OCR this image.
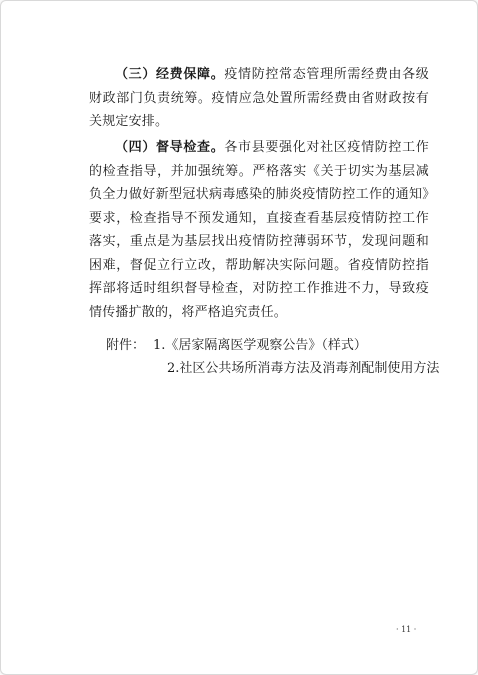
（三）经费保障。疫情防控常态管理所需经费由各级财政部门负责统筹。疫情应急处置所需经费由省财政按有关规定安排。

（四）督导检查。各市县要强化对社区疫情防控工作的检查指导，并加强统筹。严格落实《关于切实为基层减负全力做好新型冠状病毒感染的肺炎疫情防控工作的通知》要求，检查指导不预发通知，直接查看基层疫情防控工作落实，重点是为基层找出疫情防控薄弱环节，发现问题和困难，督促立行立改，帮助解决实际问题。省疫情防控指挥部将适时组织督导检查，对防控工作推进不力，导致疫情传播扩散的，将严格追究责任。

附件： 1.《居家隔离医学观察公告》（样式）
2.社区公共场所消毒方法及消毒剂配制使用方法
· 11 ·
